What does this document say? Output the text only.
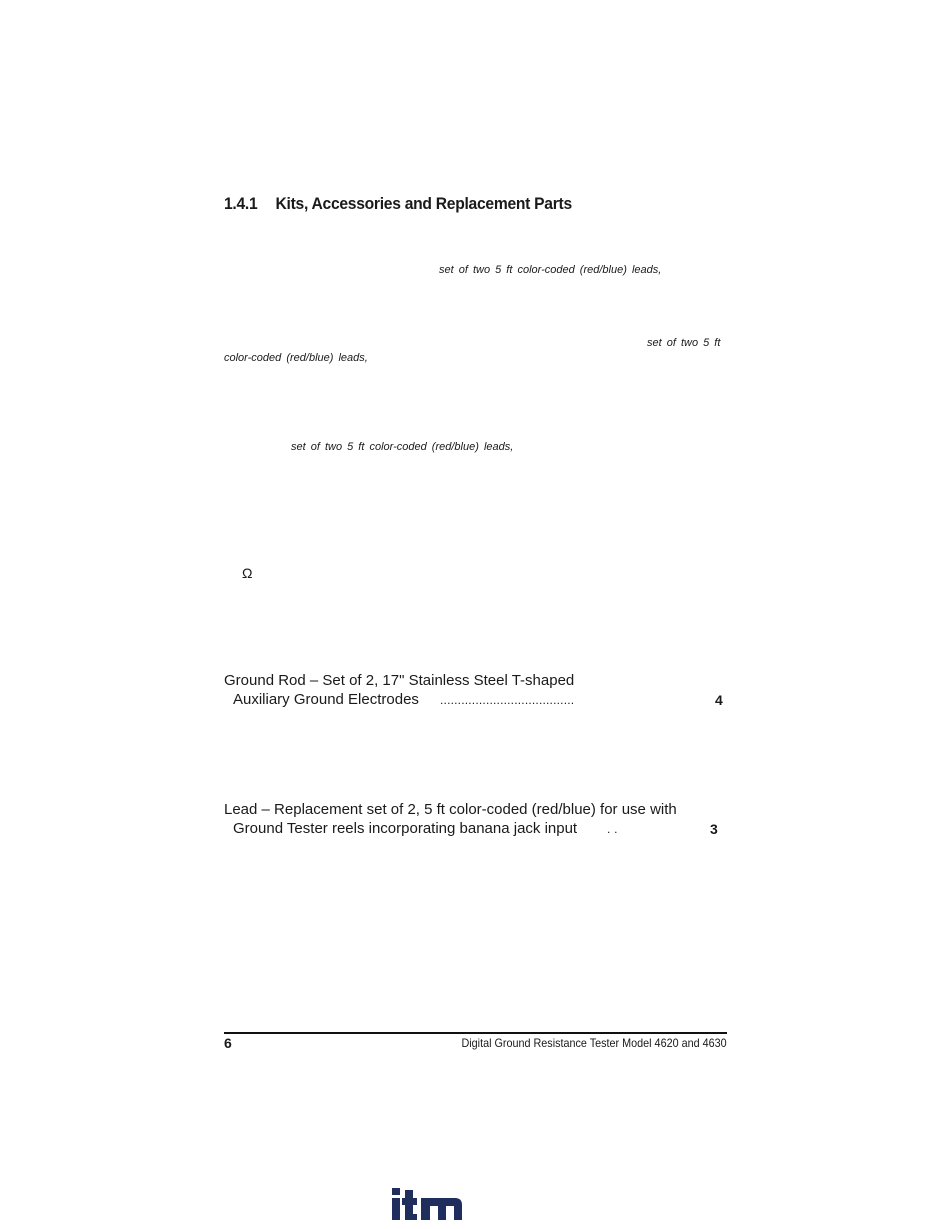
1.4.1 Kits, Accessories and Replacement Parts
set of two 5 ft color-coded (red/blue) leads,
set of two 5 ft
color-coded (red/blue) leads,
set of two 5 ft color-coded (red/blue) leads,
Ω
Ground Rod – Set of 2, 17" Stainless Steel T-shaped
Auxiliary Ground Electrodes ......................................	4
Lead – Replacement set of 2, 5 ft color-coded (red/blue) for use with
Ground Tester reels incorporating banana jack input . .	3
6	Digital Ground Resistance Tester Model 4620 and 4630
